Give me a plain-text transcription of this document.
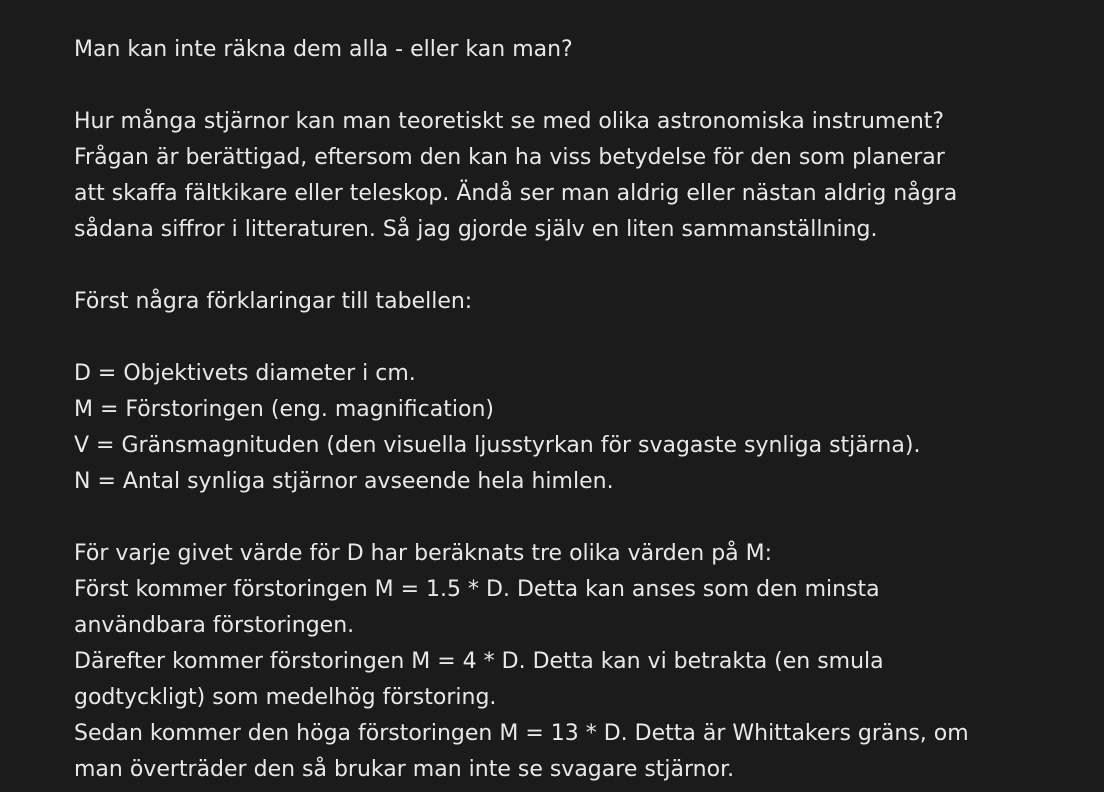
Man kan inte räkna dem alla - eller kan man?
Hur många stjärnor kan man teoretiskt se med olika astronomiska instrument?
Frågan är berättigad, eftersom den kan ha viss betydelse för den som planerar
att skaffa fältkikare eller teleskop. Ändå ser man aldrig eller nästan aldrig några
sådana siffror i litteraturen. Så jag gjorde själv en liten sammanställning.
Först några förklaringar till tabellen:
D = Objektivets diameter i cm.
M = Förstoringen (eng. magnification)
V = Gränsmagnituden (den visuella ljusstyrkan för svagaste synliga stjärna).
N = Antal synliga stjärnor avseende hela himlen.
För varje givet värde för D har beräknats tre olika värden på M:
Först kommer förstoringen M = 1.5 * D. Detta kan anses som den minsta
användbara förstoringen.
Därefter kommer förstoringen M = 4 * D. Detta kan vi betrakta (en smula
godtyckligt) som medelhög förstoring.
Sedan kommer den höga förstoringen M = 13 * D. Detta är Whittakers gräns, om
man överträder den så brukar man inte se svagare stjärnor.
